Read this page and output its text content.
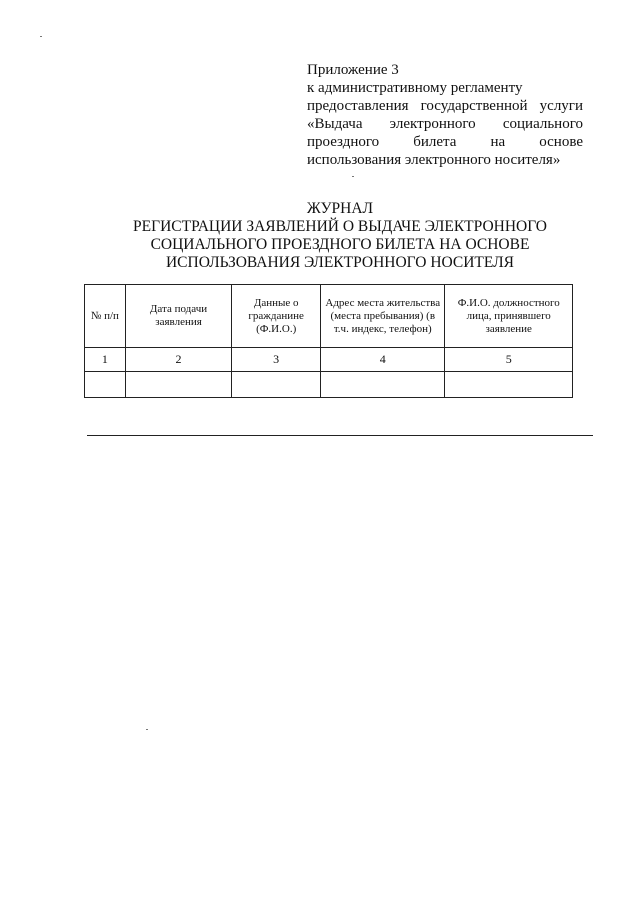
Приложение 3
к административному регламенту
предоставления государственной услуги
«Выдача электронного социального
проездного билета на основе
использования электронного носителя»
ЖУРНАЛ
РЕГИСТРАЦИИ ЗАЯВЛЕНИЙ О ВЫДАЧЕ ЭЛЕКТРОННОГО
СОЦИАЛЬНОГО ПРОЕЗДНОГО БИЛЕТА НА ОСНОВЕ
ИСПОЛЬЗОВАНИЯ ЭЛЕКТРОННОГО НОСИТЕЛЯ
№ п/п	Дата подачи заявления	Данные о гражданине (Ф.И.О.)	Адрес места жительства (места пребывания) (в т.ч. индекс, телефон)	Ф.И.О. должностного лица, принявшего заявление
1	2	3	4	5
